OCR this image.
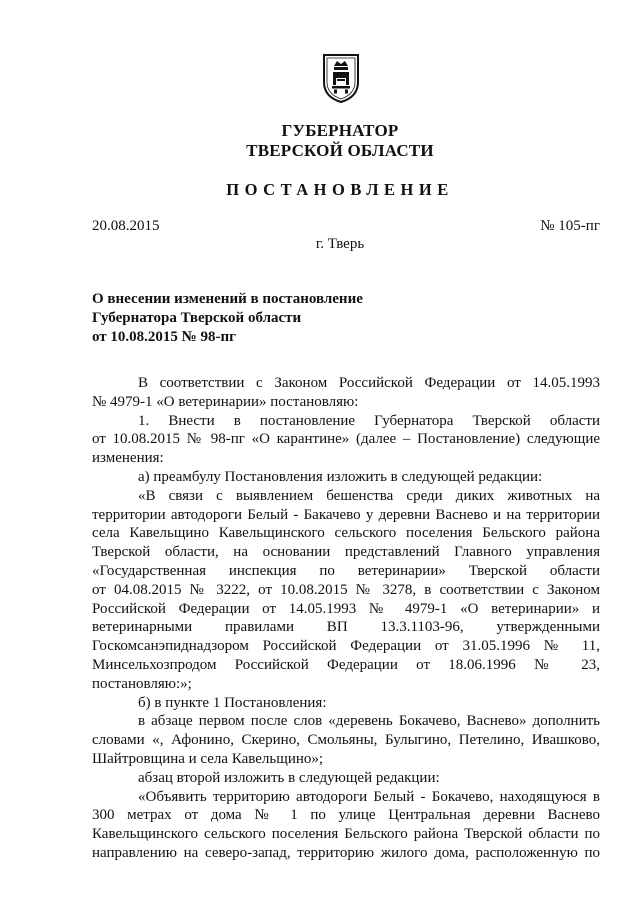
ГУБЕРНАТОР
ТВЕРСКОЙ ОБЛАСТИ
ПОСТАНОВЛЕНИЕ
20.08.2015	№ 105-пг
г. Тверь
О внесении изменений в постановление
Губернатора Тверской области
от 10.08.2015 № 98-пг

В соответствии с Законом Российской Федерации от 14.05.1993

№ 4979-1 «О ветеринарии» постановляю:

1. Внести в постановление Губернатора Тверской области

от 10.08.2015 № 98-пг «О карантине» (далее – Постановление) следующие

изменения:

а) преамбулу Постановления изложить в следующей редакции:

«В связи с выявлением бешенства среди диких животных на

территории автодороги Белый - Бакачево у деревни Васнево и на территории

села Кавельщино Кавельщинского сельского поселения Бельского района

Тверской области, на основании представлений Главного управления

«Государственная инспекция по ветеринарии» Тверской области

от 04.08.2015 № 3222, от 10.08.2015 № 3278, в соответствии с Законом

Российской Федерации от 14.05.1993 № 4979-1 «О ветеринарии» и

ветеринарными правилами ВП 13.3.1103-96, утвержденными

Госкомсанэпиднадзором Российской Федерации от 31.05.1996 № 11,

Минсельхозпродом Российской Федерации от 18.06.1996 № 23,

постановляю:»;

б) в пункте 1 Постановления:

в абзаце первом после слов «деревень Бокачево, Васнево» дополнить

словами «, Афонино, Скерино, Смольяны, Булыгино, Петелино, Ивашково,

Шайтровщина и села Кавельщино»;

абзац второй изложить в следующей редакции:

«Объявить территорию автодороги Белый - Бокачево, находящуюся в

300 метрах от дома № 1 по улице Центральная деревни Васнево

Кавельщинского сельского поселения Бельского района Тверской области по

направлению на северо-запад, территорию жилого дома, расположенную по
